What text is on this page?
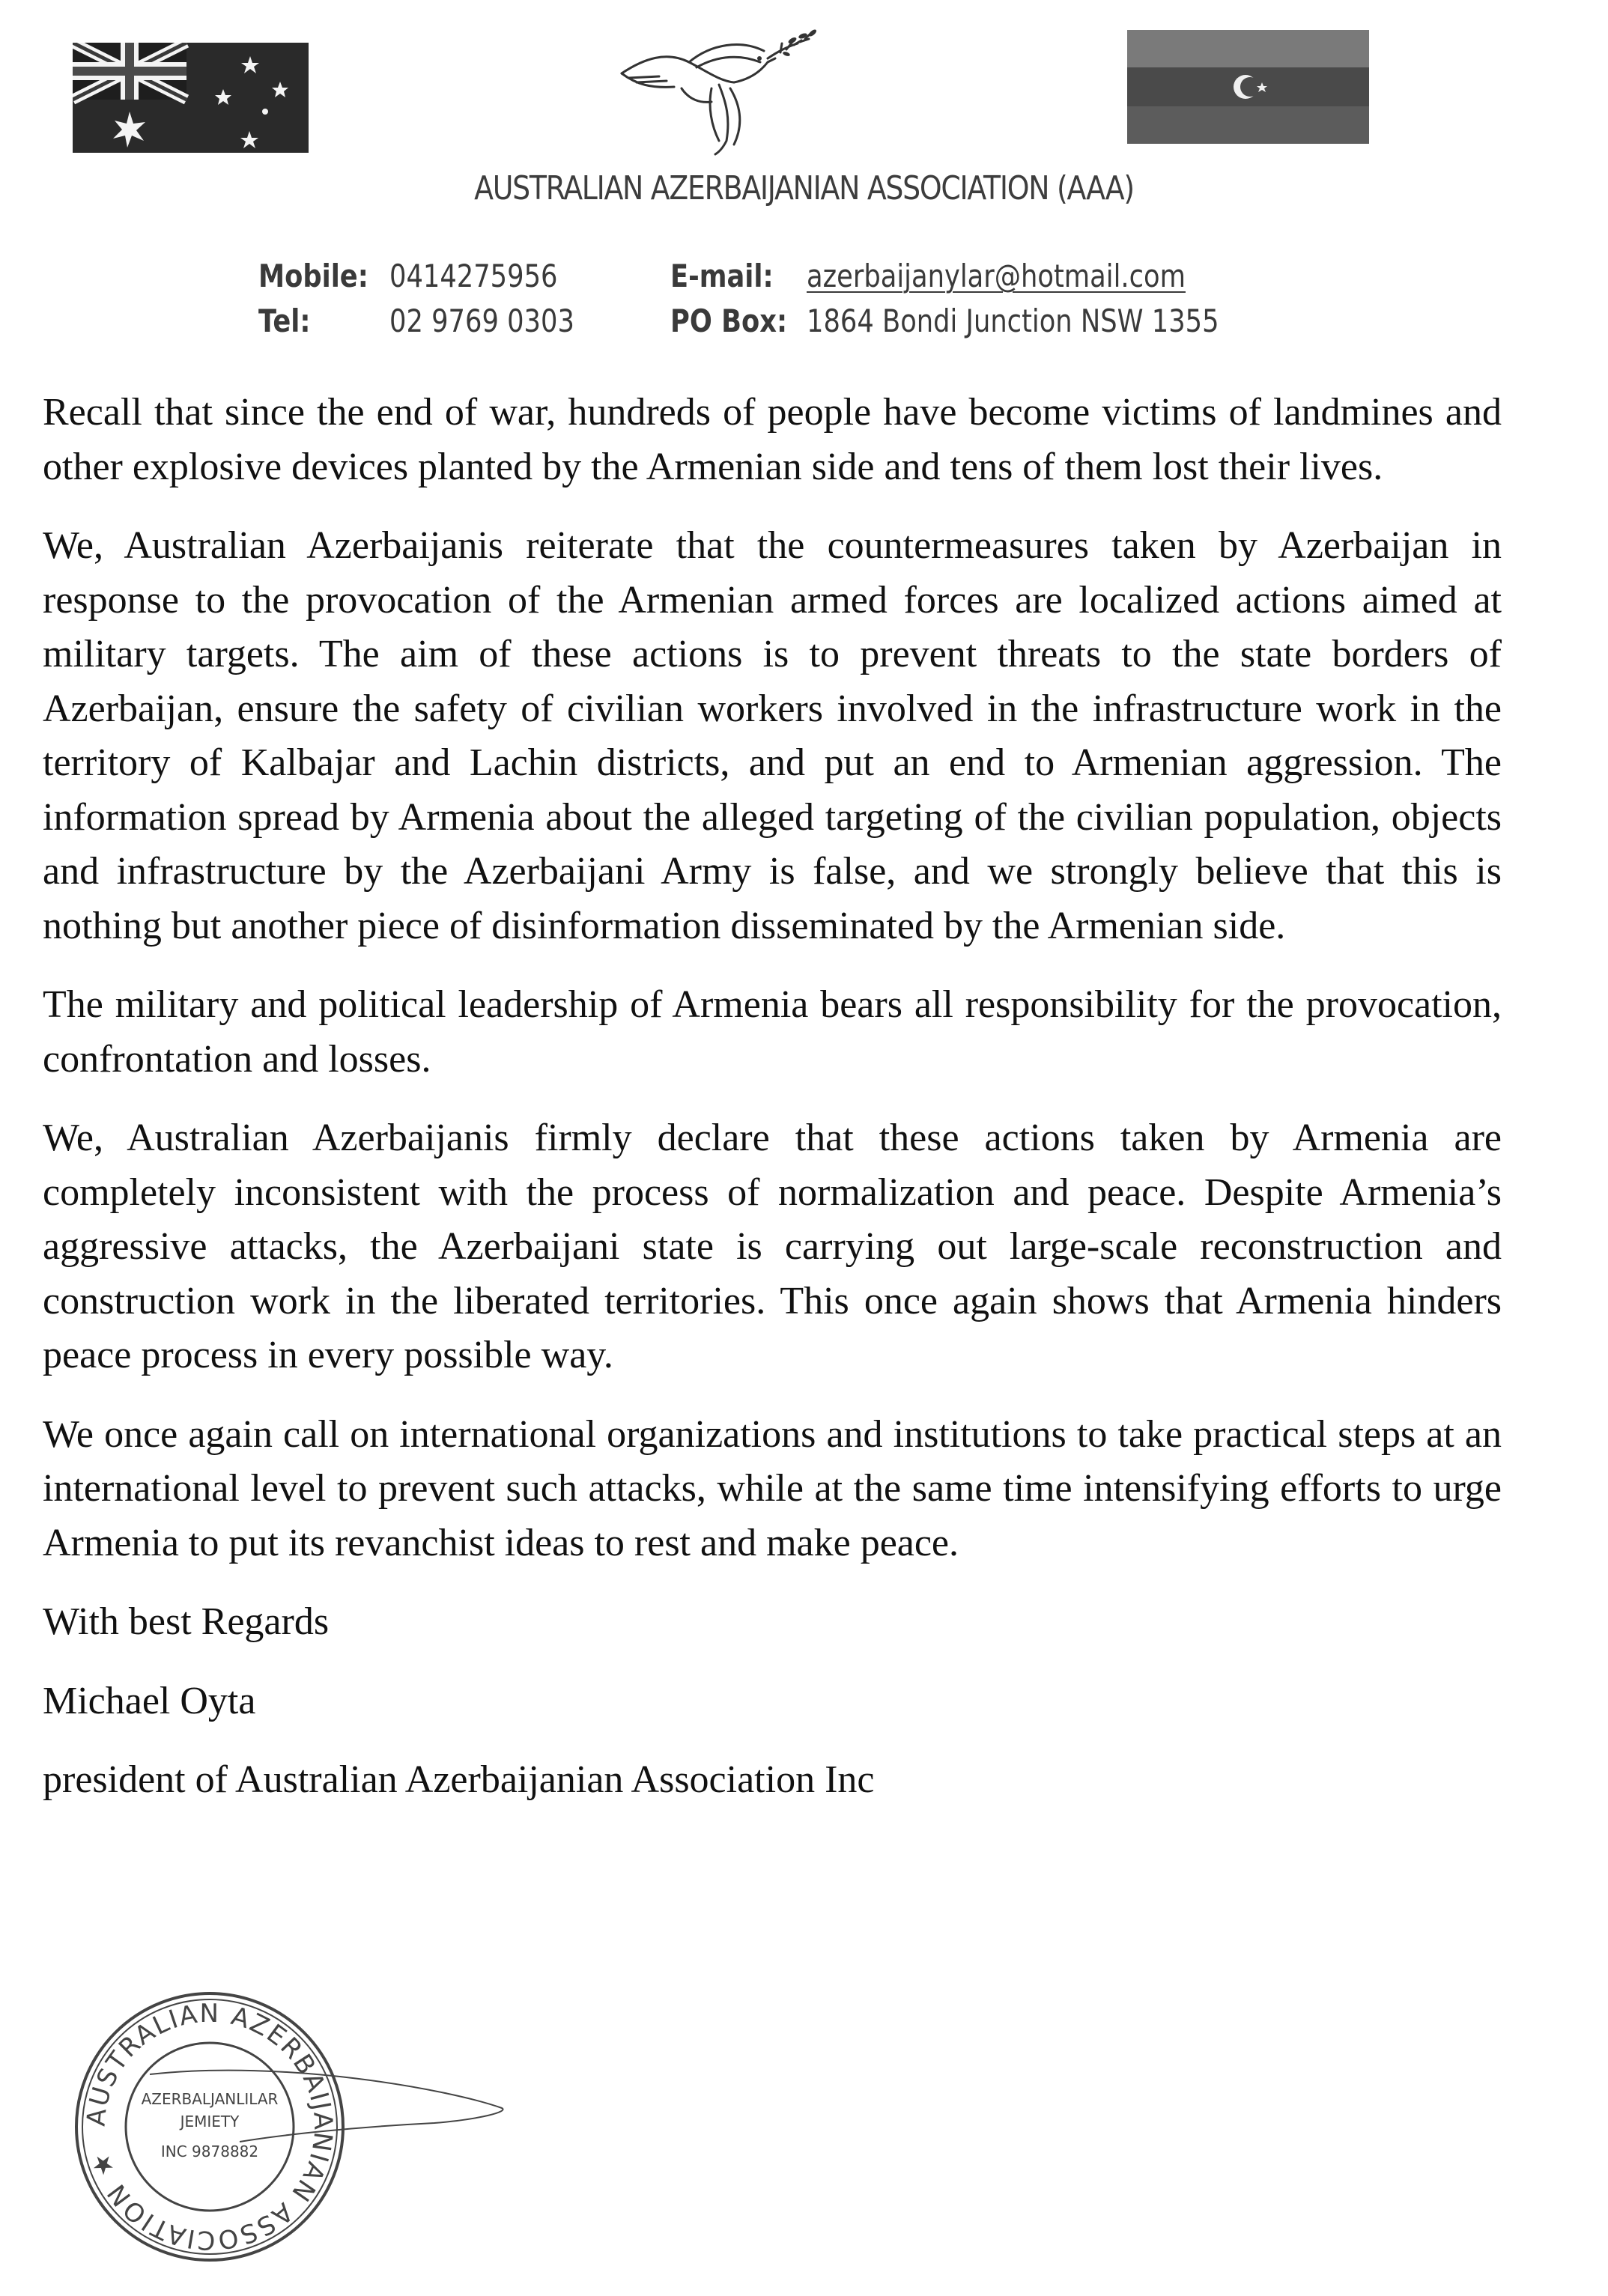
AUSTRALIAN AZERBAIJANIAN ASSOCIATION (AAA)
Mobile: 0414275956
Tel:	02 9769 0303
E-mail: azerbaijanylar@hotmail.com
PO Box: 1864 Bondi Junction NSW 1355

Recall that since the end of war, hundreds of people have become victims of landmines and other explosive devices planted by the Armenian side and tens of them lost their lives.

We, Australian Azerbaijanis reiterate that the countermeasures taken by Azerbaijan in response to the provocation of the Armenian armed forces are localized actions aimed at military targets. The aim of these actions is to prevent threats to the state borders of Azerbaijan, ensure the safety of civilian workers involved in the infrastructure work in the territory of Kalbajar and Lachin districts, and put an end to Armenian aggression. The information spread by Armenia about the alleged targeting of the civilian population, objects and infrastructure by the Azerbaijani Army is false, and we strongly believe that this is nothing but another piece of disinformation disseminated by the Armenian side.

The military and political leadership of Armenia bears all responsibility for the provocation, confrontation and losses.

We, Australian Azerbaijanis firmly declare that these actions taken by Armenia are completely inconsistent with the process of normalization and peace. Despite Armenia’s aggressive attacks, the Azerbaijani state is carrying out large-scale reconstruction and construction work in the liberated territories. This once again shows that Armenia hinders peace process in every possible way.

We once again call on international organizations and institutions to take practical steps at an international level to prevent such attacks, while at the same time intensifying efforts to urge Armenia to put its revanchist ideas to rest and make peace.

With best Regards

Michael Oyta

president of Australian Azerbaijanian Association Inc

AUSTRALIAN AZERBAIJANIAN ASSOCIATION ★
AZERBALJANLILAR
JEMIETY
INC 9878882
